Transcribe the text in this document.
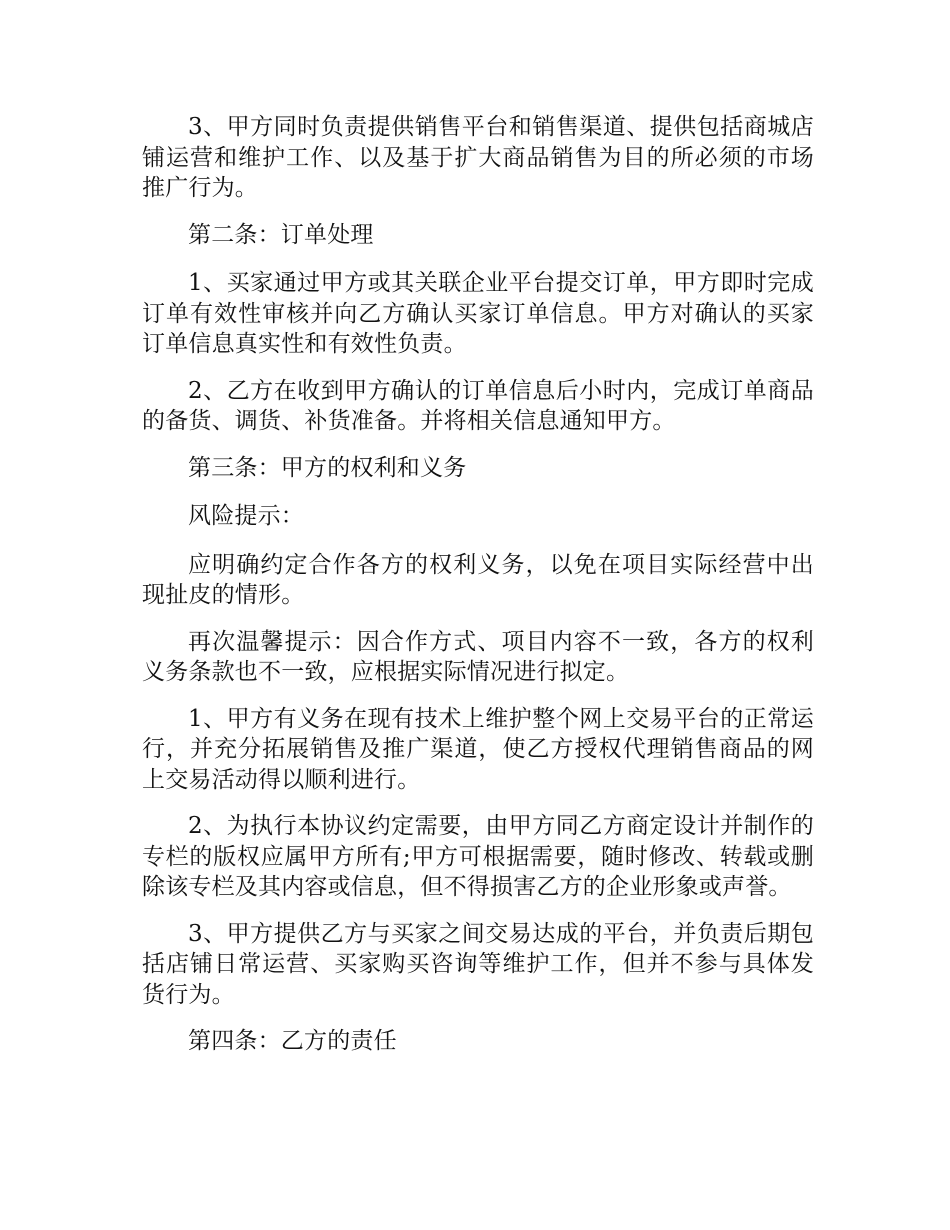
3、甲方同时负责提供销售平台和销售渠道、提供包括商城店铺运营和维护工作、以及基于扩大商品销售为目的所必须的市场推广行为。

第二条：订单处理

1、买家通过甲方或其关联企业平台提交订单，甲方即时完成订单有效性审核并向乙方确认买家订单信息。甲方对确认的买家订单信息真实性和有效性负责。

2、乙方在收到甲方确认的订单信息后小时内，完成订单商品的备货、调货、补货准备。并将相关信息通知甲方。

第三条：甲方的权利和义务

风险提示：

应明确约定合作各方的权利义务，以免在项目实际经营中出现扯皮的情形。

再次温馨提示：因合作方式、项目内容不一致，各方的权利义务条款也不一致，应根据实际情况进行拟定。

1、甲方有义务在现有技术上维护整个网上交易平台的正常运行，并充分拓展销售及推广渠道，使乙方授权代理销售商品的网上交易活动得以顺利进行。

2、为执行本协议约定需要，由甲方同乙方商定设计并制作的专栏的版权应属甲方所有;甲方可根据需要，随时修改、转载或删除该专栏及其内容或信息，但不得损害乙方的企业形象或声誉。

3、甲方提供乙方与买家之间交易达成的平台，并负责后期包括店铺日常运营、买家购买咨询等维护工作，但并不参与具体发货行为。

第四条：乙方的责任
